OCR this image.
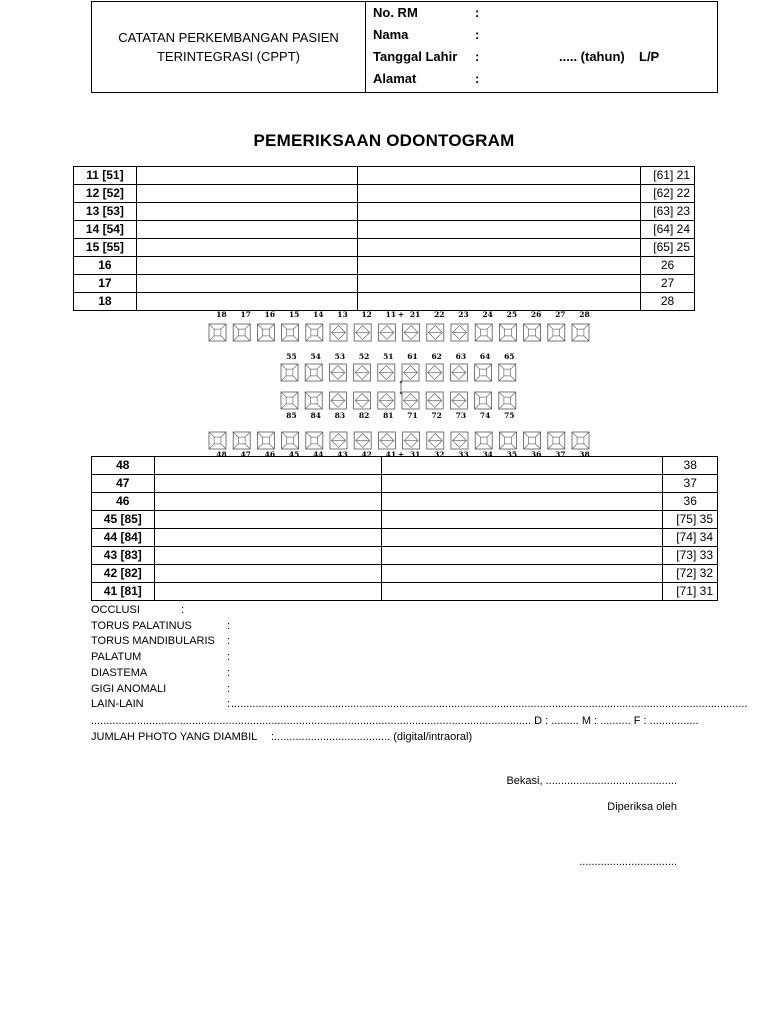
CATATAN PERKEMBANGAN PASIEN
TERINTEGRASI (CPPT)
No. RM	:
Nama	:
Tanggal Lahir :	..... (tahun) L/P
Alamat	:
PEMERIKSAAN ODONTOGRAM
11 [51]			[61] 21
12 [52]			[62] 22
13 [53]			[63] 23
14 [54]			[64] 24
15 [55]			[65] 25
16			26
17			27
18			28
18 17 16 15 14 13 12 11 21 22 23 24 25 26 27 28
+
55 54 53 52 51 61 62 63 64 65
85 84 83 82 81 71 72 73 74 75
48 47 46 45 44 43 42 41 31 32 33 34 35 36 37 38
+
48			38
47			37
46			36
45 [85]			[75] 35
44 [84]			[74] 34
43 [83]			[73] 33
42 [82]			[72] 32
41 [81]			[71] 31
OCCLUSI	:
TORUS PALATINUS	:
TORUS MANDIBULARIS :
PALATUM	:
DIASTEMA	:
GIGI ANOMALI	:
LAIN-LAIN	: .........................................................................................................................................................................
................................................................................................................................................ D : ......... M : .......... F : ................
JUMLAH PHOTO YANG DIAMBIL :...................................... (digital/intraoral)
Bekasi, ...........................................
Diperiksa oleh
................................
